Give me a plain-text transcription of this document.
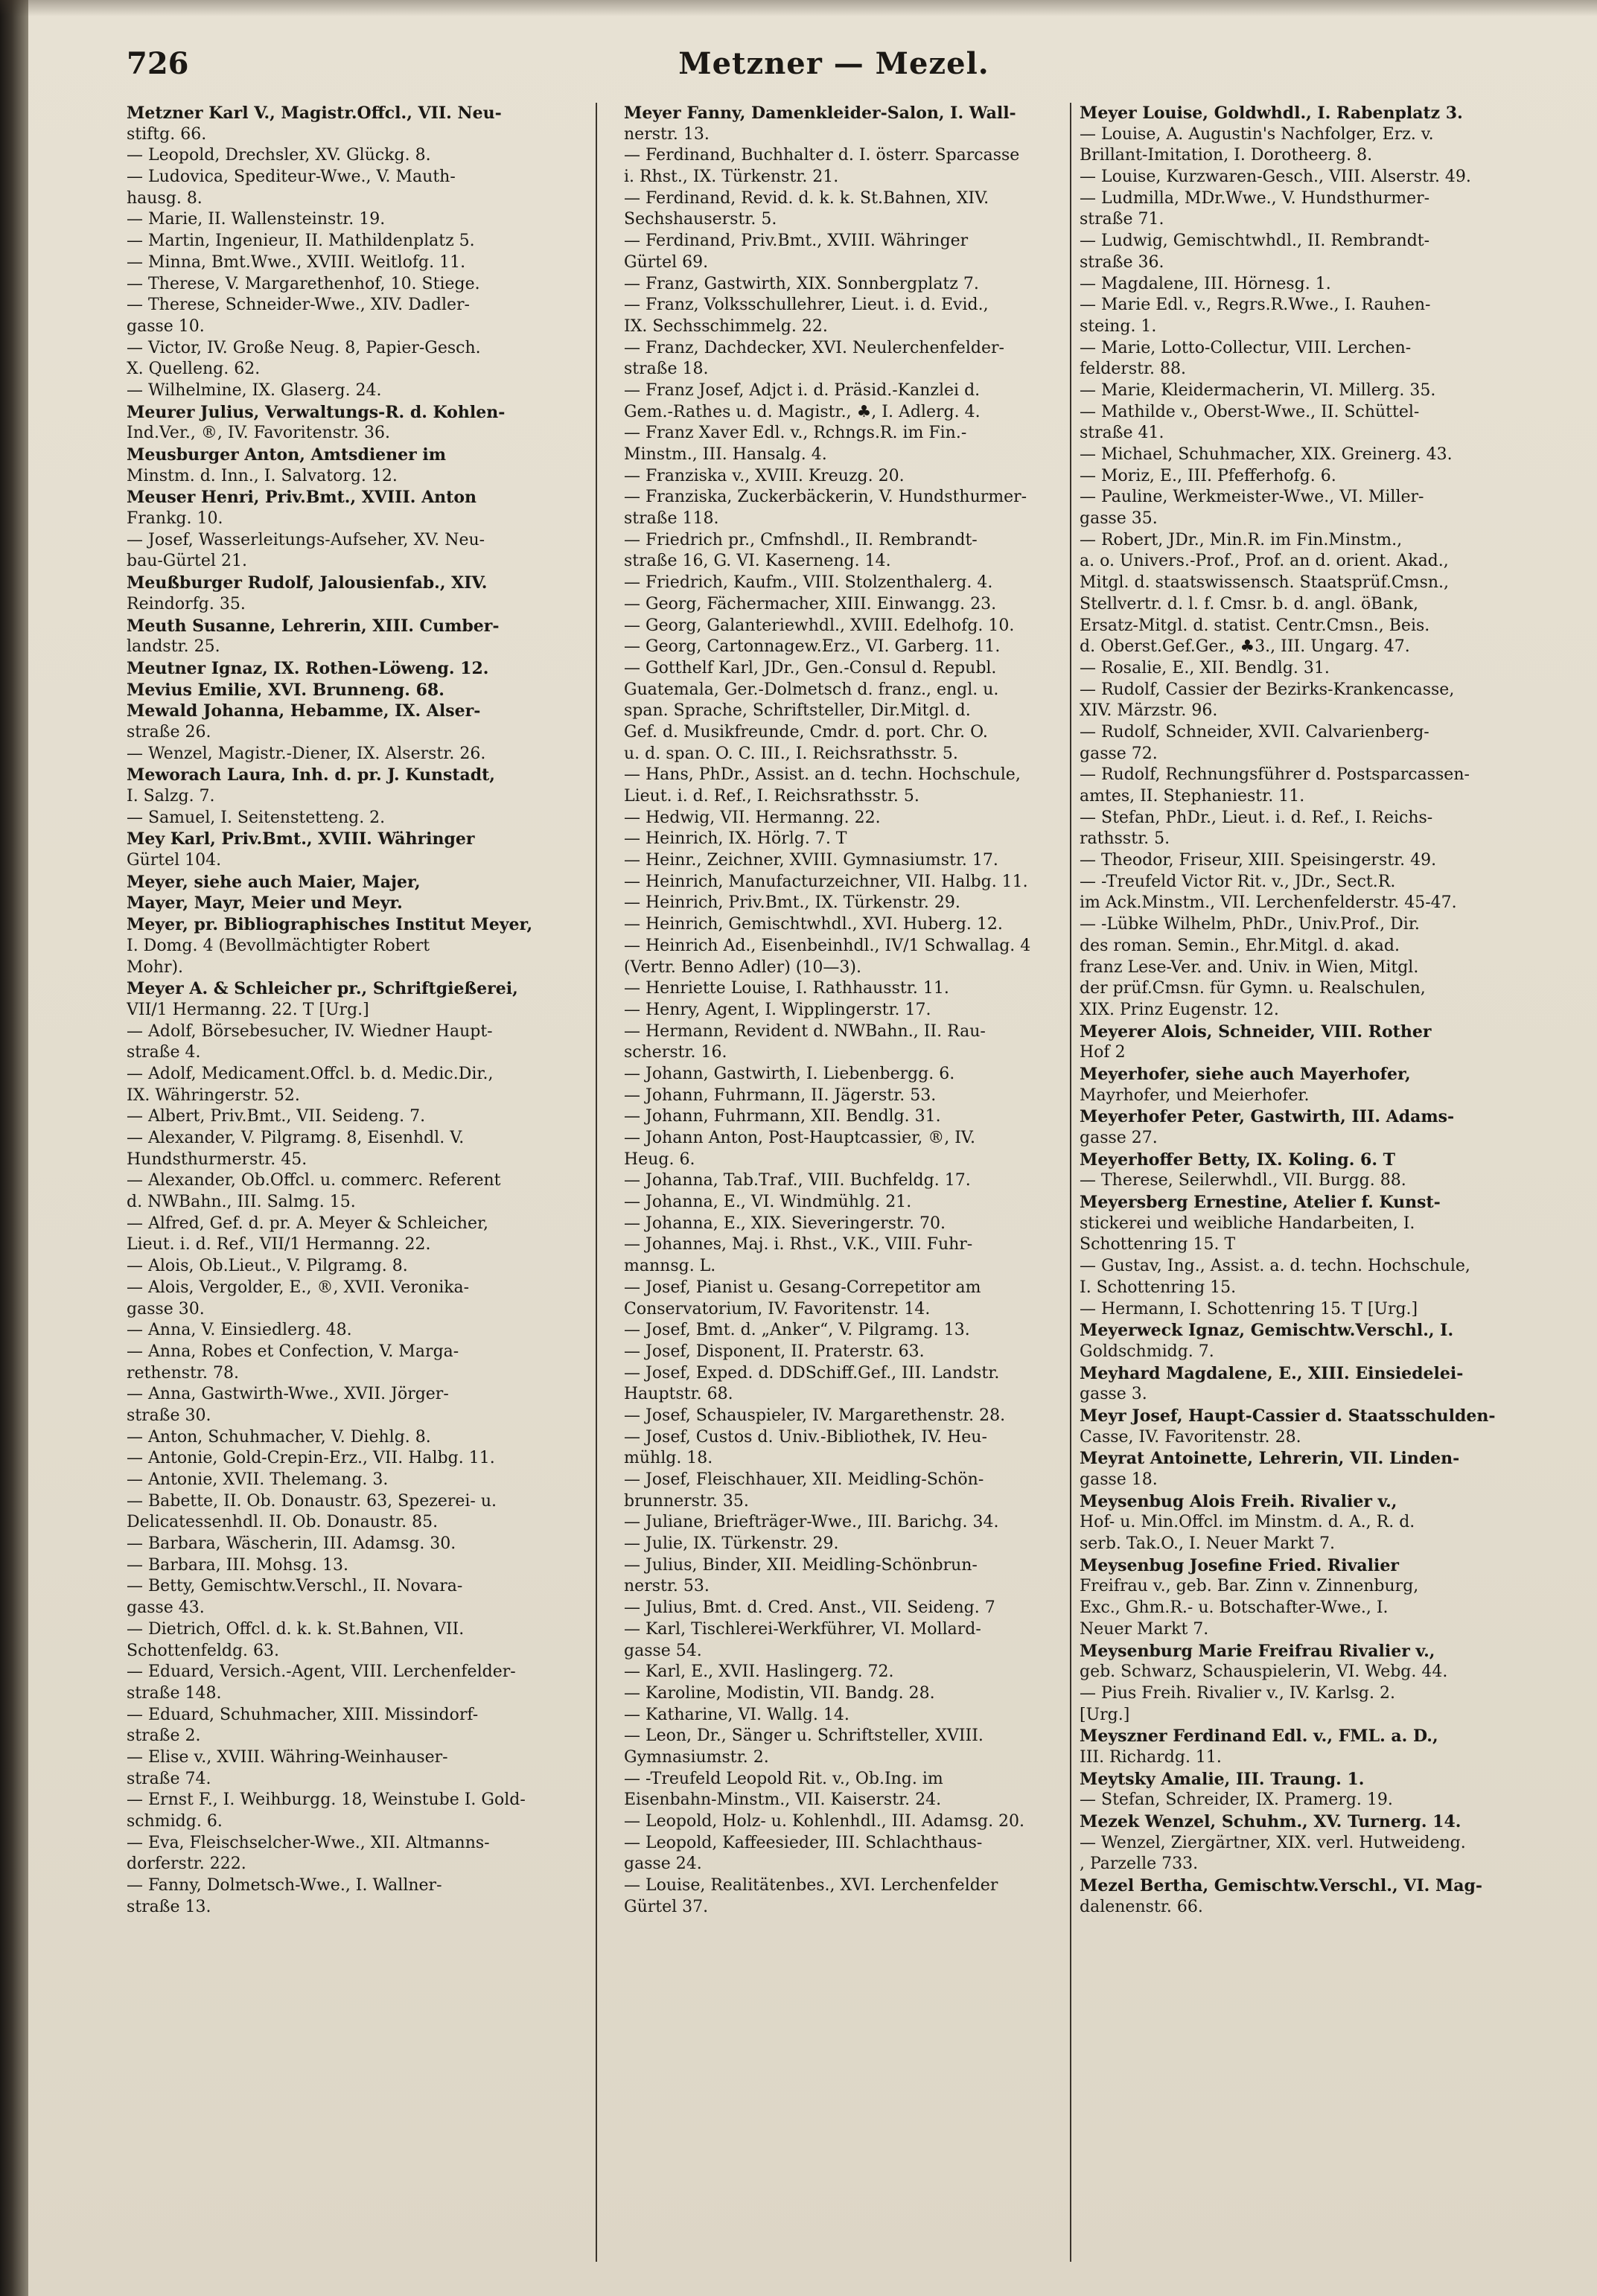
726	Metzner — Mezel.
Metzner Karl V., Magistr.Offcl., VII. Neu-
stiftg. 66.
— Leopold, Drechsler, XV. Glückg. 8.
— Ludovica, Spediteur-Wwe., V. Mauth-
hausg. 8.
— Marie, II. Wallensteinstr. 19.
— Martin, Ingenieur, II. Mathildenplatz 5.
— Minna, Bmt.Wwe., XVIII. Weitlofg. 11.
— Therese, V. Margarethenhof, 10. Stiege.
— Therese, Schneider-Wwe., XIV. Dadler-
gasse 10.
— Victor, IV. Große Neug. 8, Papier-Gesch.
X. Quelleng. 62.
— Wilhelmine, IX. Glaserg. 24.
Meurer Julius, Verwaltungs-R. d. Kohlen-
Ind.Ver., ®, IV. Favoritenstr. 36.
Meusburger Anton, Amtsdiener im
Minstm. d. Inn., I. Salvatorg. 12.
Meuser Henri, Priv.Bmt., XVIII. Anton
Frankg. 10.
— Josef, Wasserleitungs-Aufseher, XV. Neu-
bau-Gürtel 21.
Meußburger Rudolf, Jalousienfab., XIV.
Reindorfg. 35.
Meuth Susanne, Lehrerin, XIII. Cumber-
landstr. 25.
Meutner Ignaz, IX. Rothen-Löweng. 12.
Mevius Emilie, XVI. Brunneng. 68.
Mewald Johanna, Hebamme, IX. Alser-
straße 26.
— Wenzel, Magistr.-Diener, IX. Alserstr. 26.
Meworach Laura, Inh. d. pr. J. Kunstadt,
I. Salzg. 7.
— Samuel, I. Seitenstetteng. 2.
Mey Karl, Priv.Bmt., XVIII. Währinger
Gürtel 104.
Meyer, siehe auch Maier, Majer,
Mayer, Mayr, Meier und Meyr.
Meyer, pr. Bibliographisches Institut Meyer,
I. Domg. 4 (Bevollmächtigter Robert
Mohr).
Meyer A. & Schleicher pr., Schriftgießerei,
VII/1 Hermanng. 22. T [Urg.]
— Adolf, Börsebesucher, IV. Wiedner Haupt-
straße 4.
— Adolf, Medicament.Offcl. b. d. Medic.Dir.,
IX. Währingerstr. 52.
— Albert, Priv.Bmt., VII. Seideng. 7.
— Alexander, V. Pilgramg. 8, Eisenhdl. V.
Hundsthurmerstr. 45.
— Alexander, Ob.Offcl. u. commerc. Referent
d. NWBahn., III. Salmg. 15.
— Alfred, Gef. d. pr. A. Meyer & Schleicher,
Lieut. i. d. Ref., VII/1 Hermanng. 22.
— Alois, Ob.Lieut., V. Pilgramg. 8.
— Alois, Vergolder, E., ®, XVII. Veronika-
gasse 30.
— Anna, V. Einsiedlerg. 48.
— Anna, Robes et Confection, V. Marga-
rethenstr. 78.
— Anna, Gastwirth-Wwe., XVII. Jörger-
straße 30.
— Anton, Schuhmacher, V. Diehlg. 8.
— Antonie, Gold-Crepin-Erz., VII. Halbg. 11.
— Antonie, XVII. Thelemang. 3.
— Babette, II. Ob. Donaustr. 63, Spezerei- u.
Delicatessenhdl. II. Ob. Donaustr. 85.
— Barbara, Wäscherin, III. Adamsg. 30.
— Barbara, III. Mohsg. 13.
— Betty, Gemischtw.Verschl., II. Novara-
gasse 43.
— Dietrich, Offcl. d. k. k. St.Bahnen, VII.
Schottenfeldg. 63.
— Eduard, Versich.-Agent, VIII. Lerchenfelder-
straße 148.
— Eduard, Schuhmacher, XIII. Missindorf-
straße 2.
— Elise v., XVIII. Währing-Weinhauser-
straße 74.
— Ernst F., I. Weihburgg. 18, Weinstube I. Gold-
schmidg. 6.
— Eva, Fleischselcher-Wwe., XII. Altmanns-
dorferstr. 222.
— Fanny, Dolmetsch-Wwe., I. Wallner-
straße 13.
Meyer Fanny, Damenkleider-Salon, I. Wall-
nerstr. 13.
— Ferdinand, Buchhalter d. I. österr. Sparcasse
i. Rhst., IX. Türkenstr. 21.
— Ferdinand, Revid. d. k. k. St.Bahnen, XIV.
Sechshauserstr. 5.
— Ferdinand, Priv.Bmt., XVIII. Währinger
Gürtel 69.
— Franz, Gastwirth, XIX. Sonnbergplatz 7.
— Franz, Volksschullehrer, Lieut. i. d. Evid.,
IX. Sechsschimmelg. 22.
— Franz, Dachdecker, XVI. Neulerchenfelder-
straße 18.
— Franz Josef, Adjct i. d. Präsid.-Kanzlei d.
Gem.-Rathes u. d. Magistr., ♣, I. Adlerg. 4.
— Franz Xaver Edl. v., Rchngs.R. im Fin.-
Minstm., III. Hansalg. 4.
— Franziska v., XVIII. Kreuzg. 20.
— Franziska, Zuckerbäckerin, V. Hundsthurmer-
straße 118.
— Friedrich pr., Cmfnshdl., II. Rembrandt-
straße 16, G. VI. Kaserneng. 14.
— Friedrich, Kaufm., VIII. Stolzenthalerg. 4.
— Georg, Fächermacher, XIII. Einwangg. 23.
— Georg, Galanteriewhdl., XVIII. Edelhofg. 10.
— Georg, Cartonnagew.Erz., VI. Garberg. 11.
— Gotthelf Karl, JDr., Gen.-Consul d. Republ.
Guatemala, Ger.-Dolmetsch d. franz., engl. u.
span. Sprache, Schriftsteller, Dir.Mitgl. d.
Gef. d. Musikfreunde, Cmdr. d. port. Chr. O.
u. d. span. O. C. III., I. Reichsrathsstr. 5.
— Hans, PhDr., Assist. an d. techn. Hochschule,
Lieut. i. d. Ref., I. Reichsrathsstr. 5.
— Hedwig, VII. Hermanng. 22.
— Heinrich, IX. Hörlg. 7. T
— Heinr., Zeichner, XVIII. Gymnasiumstr. 17.
— Heinrich, Manufacturzeichner, VII. Halbg. 11.
— Heinrich, Priv.Bmt., IX. Türkenstr. 29.
— Heinrich, Gemischtwhdl., XVI. Huberg. 12.
— Heinrich Ad., Eisenbeinhdl., IV/1 Schwallag. 4
(Vertr. Benno Adler) (10—3).
— Henriette Louise, I. Rathhausstr. 11.
— Henry, Agent, I. Wipplingerstr. 17.
— Hermann, Revident d. NWBahn., II. Rau-
scherstr. 16.
— Johann, Gastwirth, I. Liebenbergg. 6.
— Johann, Fuhrmann, II. Jägerstr. 53.
— Johann, Fuhrmann, XII. Bendlg. 31.
— Johann Anton, Post-Hauptcassier, ®, IV.
Heug. 6.
— Johanna, Tab.Traf., VIII. Buchfeldg. 17.
— Johanna, E., VI. Windmühlg. 21.
— Johanna, E., XIX. Sieveringerstr. 70.
— Johannes, Maj. i. Rhst., V.K., VIII. Fuhr-
mannsg. L.
— Josef, Pianist u. Gesang-Correpetitor am
Conservatorium, IV. Favoritenstr. 14.
— Josef, Bmt. d. „Anker“, V. Pilgramg. 13.
— Josef, Disponent, II. Praterstr. 63.
— Josef, Exped. d. DDSchiff.Gef., III. Landstr.
Hauptstr. 68.
— Josef, Schauspieler, IV. Margarethenstr. 28.
— Josef, Custos d. Univ.-Bibliothek, IV. Heu-
mühlg. 18.
— Josef, Fleischhauer, XII. Meidling-Schön-
brunnerstr. 35.
— Juliane, Briefträger-Wwe., III. Barichg. 34.
— Julie, IX. Türkenstr. 29.
— Julius, Binder, XII. Meidling-Schönbrun-
nerstr. 53.
— Julius, Bmt. d. Cred. Anst., VII. Seideng. 7
— Karl, Tischlerei-Werkführer, VI. Mollard-
gasse 54.
— Karl, E., XVII. Haslingerg. 72.
— Karoline, Modistin, VII. Bandg. 28.
— Katharine, VI. Wallg. 14.
— Leon, Dr., Sänger u. Schriftsteller, XVIII.
Gymnasiumstr. 2.
— -Treufeld Leopold Rit. v., Ob.Ing. im
Eisenbahn-Minstm., VII. Kaiserstr. 24.
— Leopold, Holz- u. Kohlenhdl., III. Adamsg. 20.
— Leopold, Kaffeesieder, III. Schlachthaus-
gasse 24.
— Louise, Realitätenbes., XVI. Lerchenfelder
Gürtel 37.
Meyer Louise, Goldwhdl., I. Rabenplatz 3.
— Louise, A. Augustin's Nachfolger, Erz. v.
Brillant-Imitation, I. Dorotheerg. 8.
— Louise, Kurzwaren-Gesch., VIII. Alserstr. 49.
— Ludmilla, MDr.Wwe., V. Hundsthurmer-
straße 71.
— Ludwig, Gemischtwhdl., II. Rembrandt-
straße 36.
— Magdalene, III. Hörnesg. 1.
— Marie Edl. v., Regrs.R.Wwe., I. Rauhen-
steing. 1.
— Marie, Lotto-Collectur, VIII. Lerchen-
felderstr. 88.
— Marie, Kleidermacherin, VI. Millerg. 35.
— Mathilde v., Oberst-Wwe., II. Schüttel-
straße 41.
— Michael, Schuhmacher, XIX. Greinerg. 43.
— Moriz, E., III. Pfefferhofg. 6.
— Pauline, Werkmeister-Wwe., VI. Miller-
gasse 35.
— Robert, JDr., Min.R. im Fin.Minstm.,
a. o. Univers.-Prof., Prof. an d. orient. Akad.,
Mitgl. d. staatswissensch. Staatsprüf.Cmsn.,
Stellvertr. d. l. f. Cmsr. b. d. angl. öBank,
Ersatz-Mitgl. d. statist. Centr.Cmsn., Beis.
d. Oberst.Gef.Ger., ♣3., III. Ungarg. 47.
— Rosalie, E., XII. Bendlg. 31.
— Rudolf, Cassier der Bezirks-Krankencasse,
XIV. Märzstr. 96.
— Rudolf, Schneider, XVII. Calvarienberg-
gasse 72.
— Rudolf, Rechnungsführer d. Postsparcassen-
amtes, II. Stephaniestr. 11.
— Stefan, PhDr., Lieut. i. d. Ref., I. Reichs-
rathsstr. 5.
— Theodor, Friseur, XIII. Speisingerstr. 49.
— -Treufeld Victor Rit. v., JDr., Sect.R.
im Ack.Minstm., VII. Lerchenfelderstr. 45-47.
— -Lübke Wilhelm, PhDr., Univ.Prof., Dir.
des roman. Semin., Ehr.Mitgl. d. akad.
franz Lese-Ver. and. Univ. in Wien, Mitgl.
der prüf.Cmsn. für Gymn. u. Realschulen,
XIX. Prinz Eugenstr. 12.
Meyerer Alois, Schneider, VIII. Rother
Hof 2
Meyerhofer, siehe auch Mayerhofer,
Mayrhofer, und Meierhofer.
Meyerhofer Peter, Gastwirth, III. Adams-
gasse 27.
Meyerhoffer Betty, IX. Koling. 6. T
— Therese, Seilerwhdl., VII. Burgg. 88.
Meyersberg Ernestine, Atelier f. Kunst-
stickerei und weibliche Handarbeiten, I.
Schottenring 15. T
— Gustav, Ing., Assist. a. d. techn. Hochschule,
I. Schottenring 15.
— Hermann, I. Schottenring 15. T [Urg.]
Meyerweck Ignaz, Gemischtw.Verschl., I.
Goldschmidg. 7.
Meyhard Magdalene, E., XIII. Einsiedelei-
gasse 3.
Meyr Josef, Haupt-Cassier d. Staatsschulden-
Casse, IV. Favoritenstr. 28.
Meyrat Antoinette, Lehrerin, VII. Linden-
gasse 18.
Meysenbug Alois Freih. Rivalier v.,
Hof- u. Min.Offcl. im Minstm. d. A., R. d.
serb. Tak.O., I. Neuer Markt 7.
Meysenbug Josefine Fried. Rivalier
Freifrau v., geb. Bar. Zinn v. Zinnenburg,
Exc., Ghm.R.- u. Botschafter-Wwe., I.
Neuer Markt 7.
Meysenburg Marie Freifrau Rivalier v.,
geb. Schwarz, Schauspielerin, VI. Webg. 44.
— Pius Freih. Rivalier v., IV. Karlsg. 2.
[Urg.]
Meyszner Ferdinand Edl. v., FML. a. D.,
III. Richardg. 11.
Meytsky Amalie, III. Traung. 1.
— Stefan, Schreider, IX. Pramerg. 19.
Mezek Wenzel, Schuhm., XV. Turnerg. 14.
— Wenzel, Ziergärtner, XIX. verl. Hutweideng.
, Parzelle 733.
Mezel Bertha, Gemischtw.Verschl., VI. Mag-
dalenenstr. 66.
